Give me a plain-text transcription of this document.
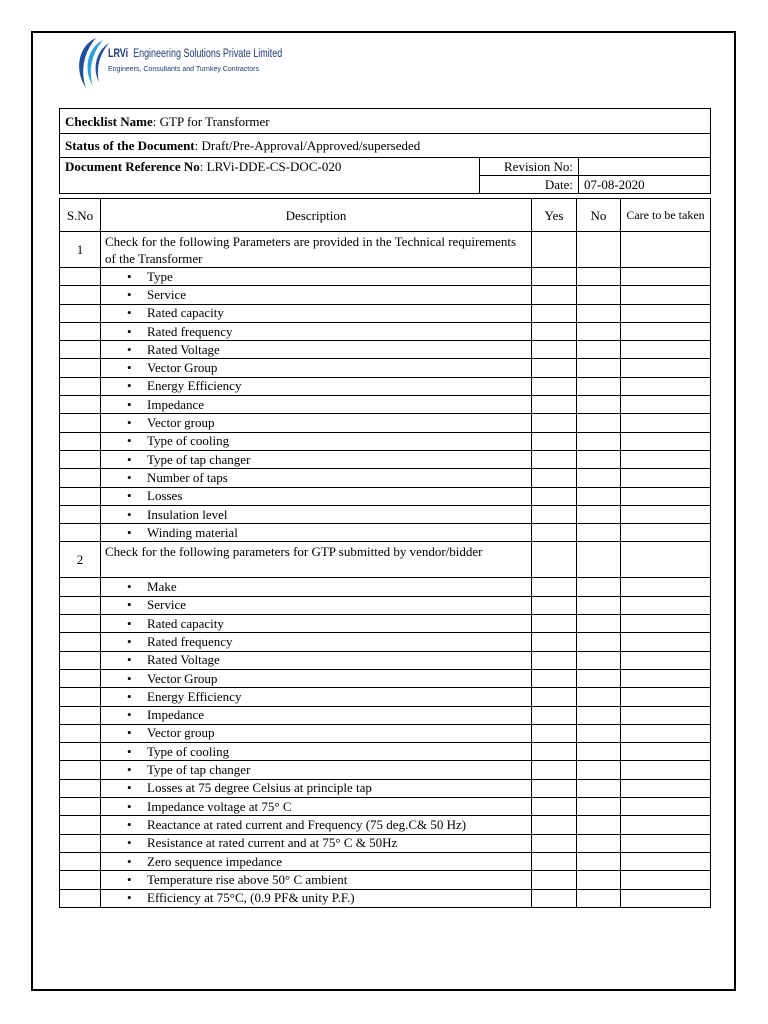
LRVi Engineering Solutions Private Limited
Engineers, Consultants and Turnkey Contractors
Checklist Name: GTP for Transformer		
Status of the Document: Draft/Pre-Approval/Approved/superseded		
Document Reference No: LRVi-DDE-CS-DOC-020	Revision No:	
	Date:	07-08-2020
S.No	Description	Yes	No	Care to be taken
1	Check for the following Parameters are provided in the Technical requirements of the Transformer			
	• Type			
	• Service			
	• Rated capacity			
	• Rated frequency			
	• Rated Voltage			
	• Vector Group			
	• Energy Efficiency			
	• Impedance			
	• Vector group			
	• Type of cooling			
	• Type of tap changer			
	• Number of taps			
	• Losses			
	• Insulation level			
	• Winding material			
2	Check for the following parameters for GTP submitted by vendor/bidder			
	• Make			
	• Service			
	• Rated capacity			
	• Rated frequency			
	• Rated Voltage			
	• Vector Group			
	• Energy Efficiency			
	• Impedance			
	• Vector group			
	• Type of cooling			
	• Type of tap changer			
	• Losses at 75 degree Celsius at principle tap			
	• Impedance voltage at 75° C			
	• Reactance at rated current and Frequency (75 deg.C& 50 Hz)			
	• Resistance at rated current and at 75° C & 50Hz			
	• Zero sequence impedance			
	• Temperature rise above 50° C ambient			
	• Efficiency at 75°C, (0.9 PF& unity P.F.)			
